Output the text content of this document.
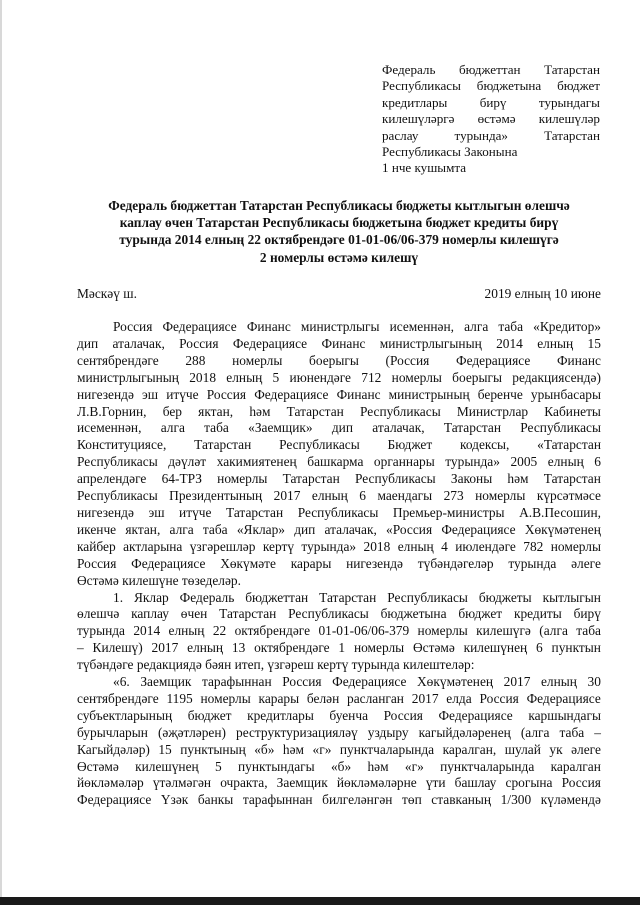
Федераль бюджеттан Татарстан
Республикасы бюджетына бюджет
кредитлары бирү турындагы
килешүләргә өстәмә килешүләр
раслау	турында»	Татарстан
Республикасы Законына
1 нче кушымта
Федераль бюджеттан Татарстан Республикасы бюджеты кытлыгын өлешчә
каплау өчен Татарстан Республикасы бюджетына бюджет кредиты бирү
турында 2014 елның 22 октябрендәге 01-01-06/06-379 номерлы килешүгә
2 номерлы өстәмә килешү
Мәскәү ш.	2019 елның 10 июне
Россия Федерациясе Финанс министрлыгы исеменнән, алга таба «Кредитор»
дип аталачак, Россия Федерациясе Финанс министрлыгының 2014 елның 15
сентябрендәге 288 номерлы боерыгы (Россия Федерациясе Финанс
министрлыгының 2018 елның 5 июнендәге 712 номерлы боерыгы редакциясендә)
нигезендә эш итүче Россия Федерациясе Финанс министрының беренче урынбасары
Л.В.Горнин, бер яктан, һәм Татарстан Республикасы Министрлар Кабинеты
исеменнән, алга таба «Заемщик» дип аталачак, Татарстан Республикасы
Конституциясе, Татарстан Республикасы Бюджет кодексы, «Татарстан
Республикасы дәүләт хакимиятенең башкарма органнары турында» 2005 елның 6
апрелендәге 64-ТРЗ номерлы Татарстан Республикасы Законы һәм Татарстан
Республикасы Президентының 2017 елның 6 маендагы 273 номерлы күрсәтмәсе
нигезендә эш итүче Татарстан Республикасы Премьер-министры А.В.Песошин,
икенче яктан, алга таба «Яклар» дип аталачак, «Россия Федерациясе Хөкүмәтенең
кайбер актларына үзгәрешләр кертү турында» 2018 елның 4 июлендәге 782 номерлы
Россия Федерациясе Хөкүмәте карары нигезендә түбәндәгеләр турында әлеге
Өстәмә килешүне төзеделәр.
1. Яклар Федераль бюджеттан Татарстан Республикасы бюджеты кытлыгын
өлешчә каплау өчен Татарстан Республикасы бюджетына бюджет кредиты бирү
турында 2014 елның 22 октябрендәге 01-01-06/06-379 номерлы килешүгә (алга таба
– Килешү) 2017 елның 13 октябрендәге 1 номерлы Өстәмә килешүнең 6 пунктын
түбәндәге редакциядә бәян итеп, үзгәреш кертү турында килештеләр:
«6. Заемщик тарафыннан Россия Федерациясе Хөкүмәтенең 2017 елның 30
сентябрендәге 1195 номерлы карары белән расланган 2017 елда Россия Федерациясе
субъектларының бюджет кредитлары буенча Россия Федерациясе каршындагы
бурычларын (әҗәтләрен) реструктуризацияләү уздыру кагыйдәләренең (алга таба –
Кагыйдәләр) 15 пунктының «б» һәм «г» пунктчаларында каралган, шулай ук әлеге
Өстәмә килешүнең 5 пунктындагы «б» һәм «г» пунктчаларында каралган
йөкләмәләр үтәлмәгән очракта, Заемщик йөкләмәләрне үти башлау срогына Россия
Федерациясе Үзәк банкы тарафыннан билгеләнгән төп ставканың 1/300 күләмендә
